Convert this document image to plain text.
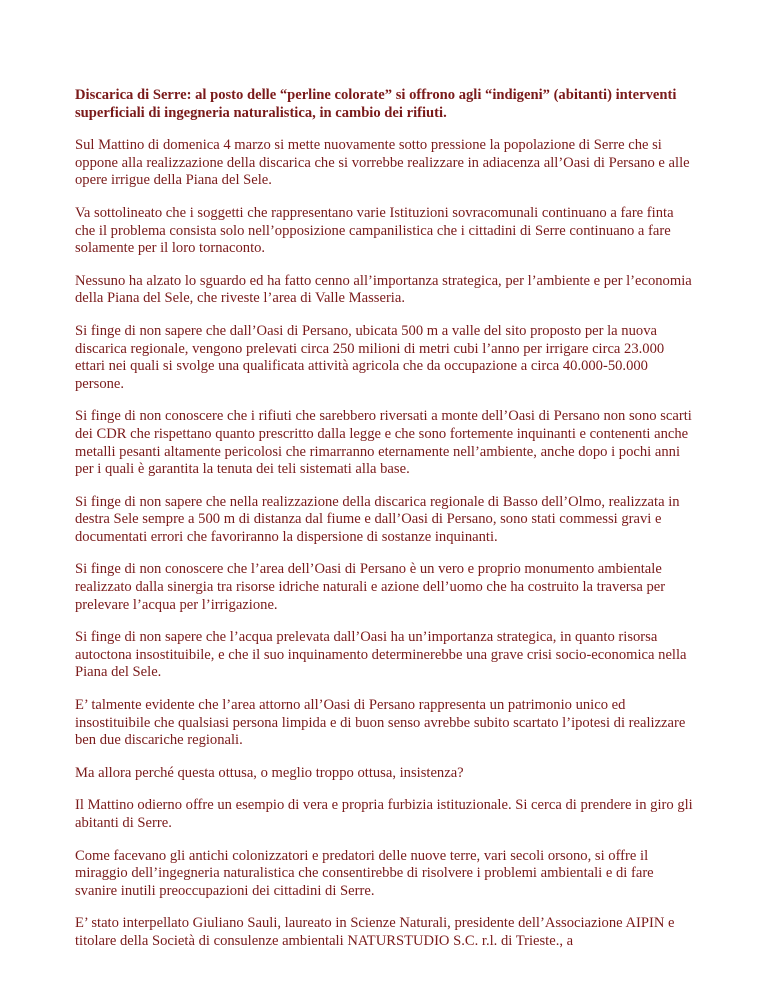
Discarica di Serre: al posto delle “perline colorate” si offrono agli “indigeni” (abitanti) interventi superficiali di ingegneria naturalistica, in cambio dei rifiuti.

Sul Mattino di domenica 4 marzo si mette nuovamente sotto pressione la popolazione di Serre che si oppone alla realizzazione della discarica che si vorrebbe realizzare in adiacenza all’Oasi di Persano e alle opere irrigue della Piana del Sele.

Va sottolineato che i soggetti che rappresentano varie Istituzioni sovracomunali continuano a fare finta che il problema consista solo nell’opposizione campanilistica che i cittadini di Serre continuano a fare solamente per il loro tornaconto.

Nessuno ha alzato lo sguardo ed ha fatto cenno all’importanza strategica, per l’ambiente e per l’economia della Piana del Sele, che riveste l’area di Valle Masseria.

Si finge di non sapere che dall’Oasi di Persano, ubicata 500 m a valle del sito proposto per la nuova discarica regionale, vengono prelevati circa 250 milioni di metri cubi l’anno per irrigare circa 23.000 ettari nei quali si svolge una qualificata attività agricola che da occupazione a circa 40.000-50.000 persone.

Si finge di non conoscere che i rifiuti che sarebbero riversati a monte dell’Oasi di Persano non sono scarti dei CDR che rispettano quanto prescritto dalla legge e che sono fortemente inquinanti e contenenti anche metalli pesanti altamente pericolosi che rimarranno eternamente nell’ambiente, anche dopo i pochi anni per i quali è garantita la tenuta dei teli sistemati alla base.

Si finge di non sapere che nella realizzazione della discarica regionale di Basso dell’Olmo, realizzata in destra Sele sempre a 500 m di distanza dal fiume e dall’Oasi di Persano, sono stati commessi gravi e documentati errori che favoriranno la dispersione di sostanze inquinanti.

Si finge di non conoscere che l’area dell’Oasi di Persano è un vero e proprio monumento ambientale realizzato dalla sinergia tra risorse idriche naturali e azione dell’uomo che ha costruito la traversa per prelevare l’acqua per l’irrigazione.

Si finge di non sapere che l’acqua prelevata dall’Oasi ha un’importanza strategica, in quanto risorsa autoctona insostituibile, e che il suo inquinamento determinerebbe una grave crisi socio-economica nella Piana del Sele.

E’ talmente evidente che l’area attorno all’Oasi di Persano rappresenta un patrimonio unico ed insostituibile che qualsiasi persona limpida e di buon senso avrebbe subito scartato l’ipotesi di realizzare ben due discariche regionali.

Ma allora perché questa ottusa, o meglio troppo ottusa, insistenza?

Il Mattino odierno offre un esempio di vera e propria furbizia istituzionale. Si cerca di prendere in giro gli abitanti di Serre.

Come facevano gli antichi colonizzatori e predatori delle nuove terre, vari secoli orsono, si offre il miraggio dell’ingegneria naturalistica che consentirebbe di risolvere i problemi ambientali e di fare svanire inutili preoccupazioni dei cittadini di Serre.

E’ stato interpellato Giuliano Sauli, laureato in Scienze Naturali, presidente dell’Associazione AIPIN e titolare della Società di consulenze ambientali NATURSTUDIO S.C. r.l. di Trieste., a
